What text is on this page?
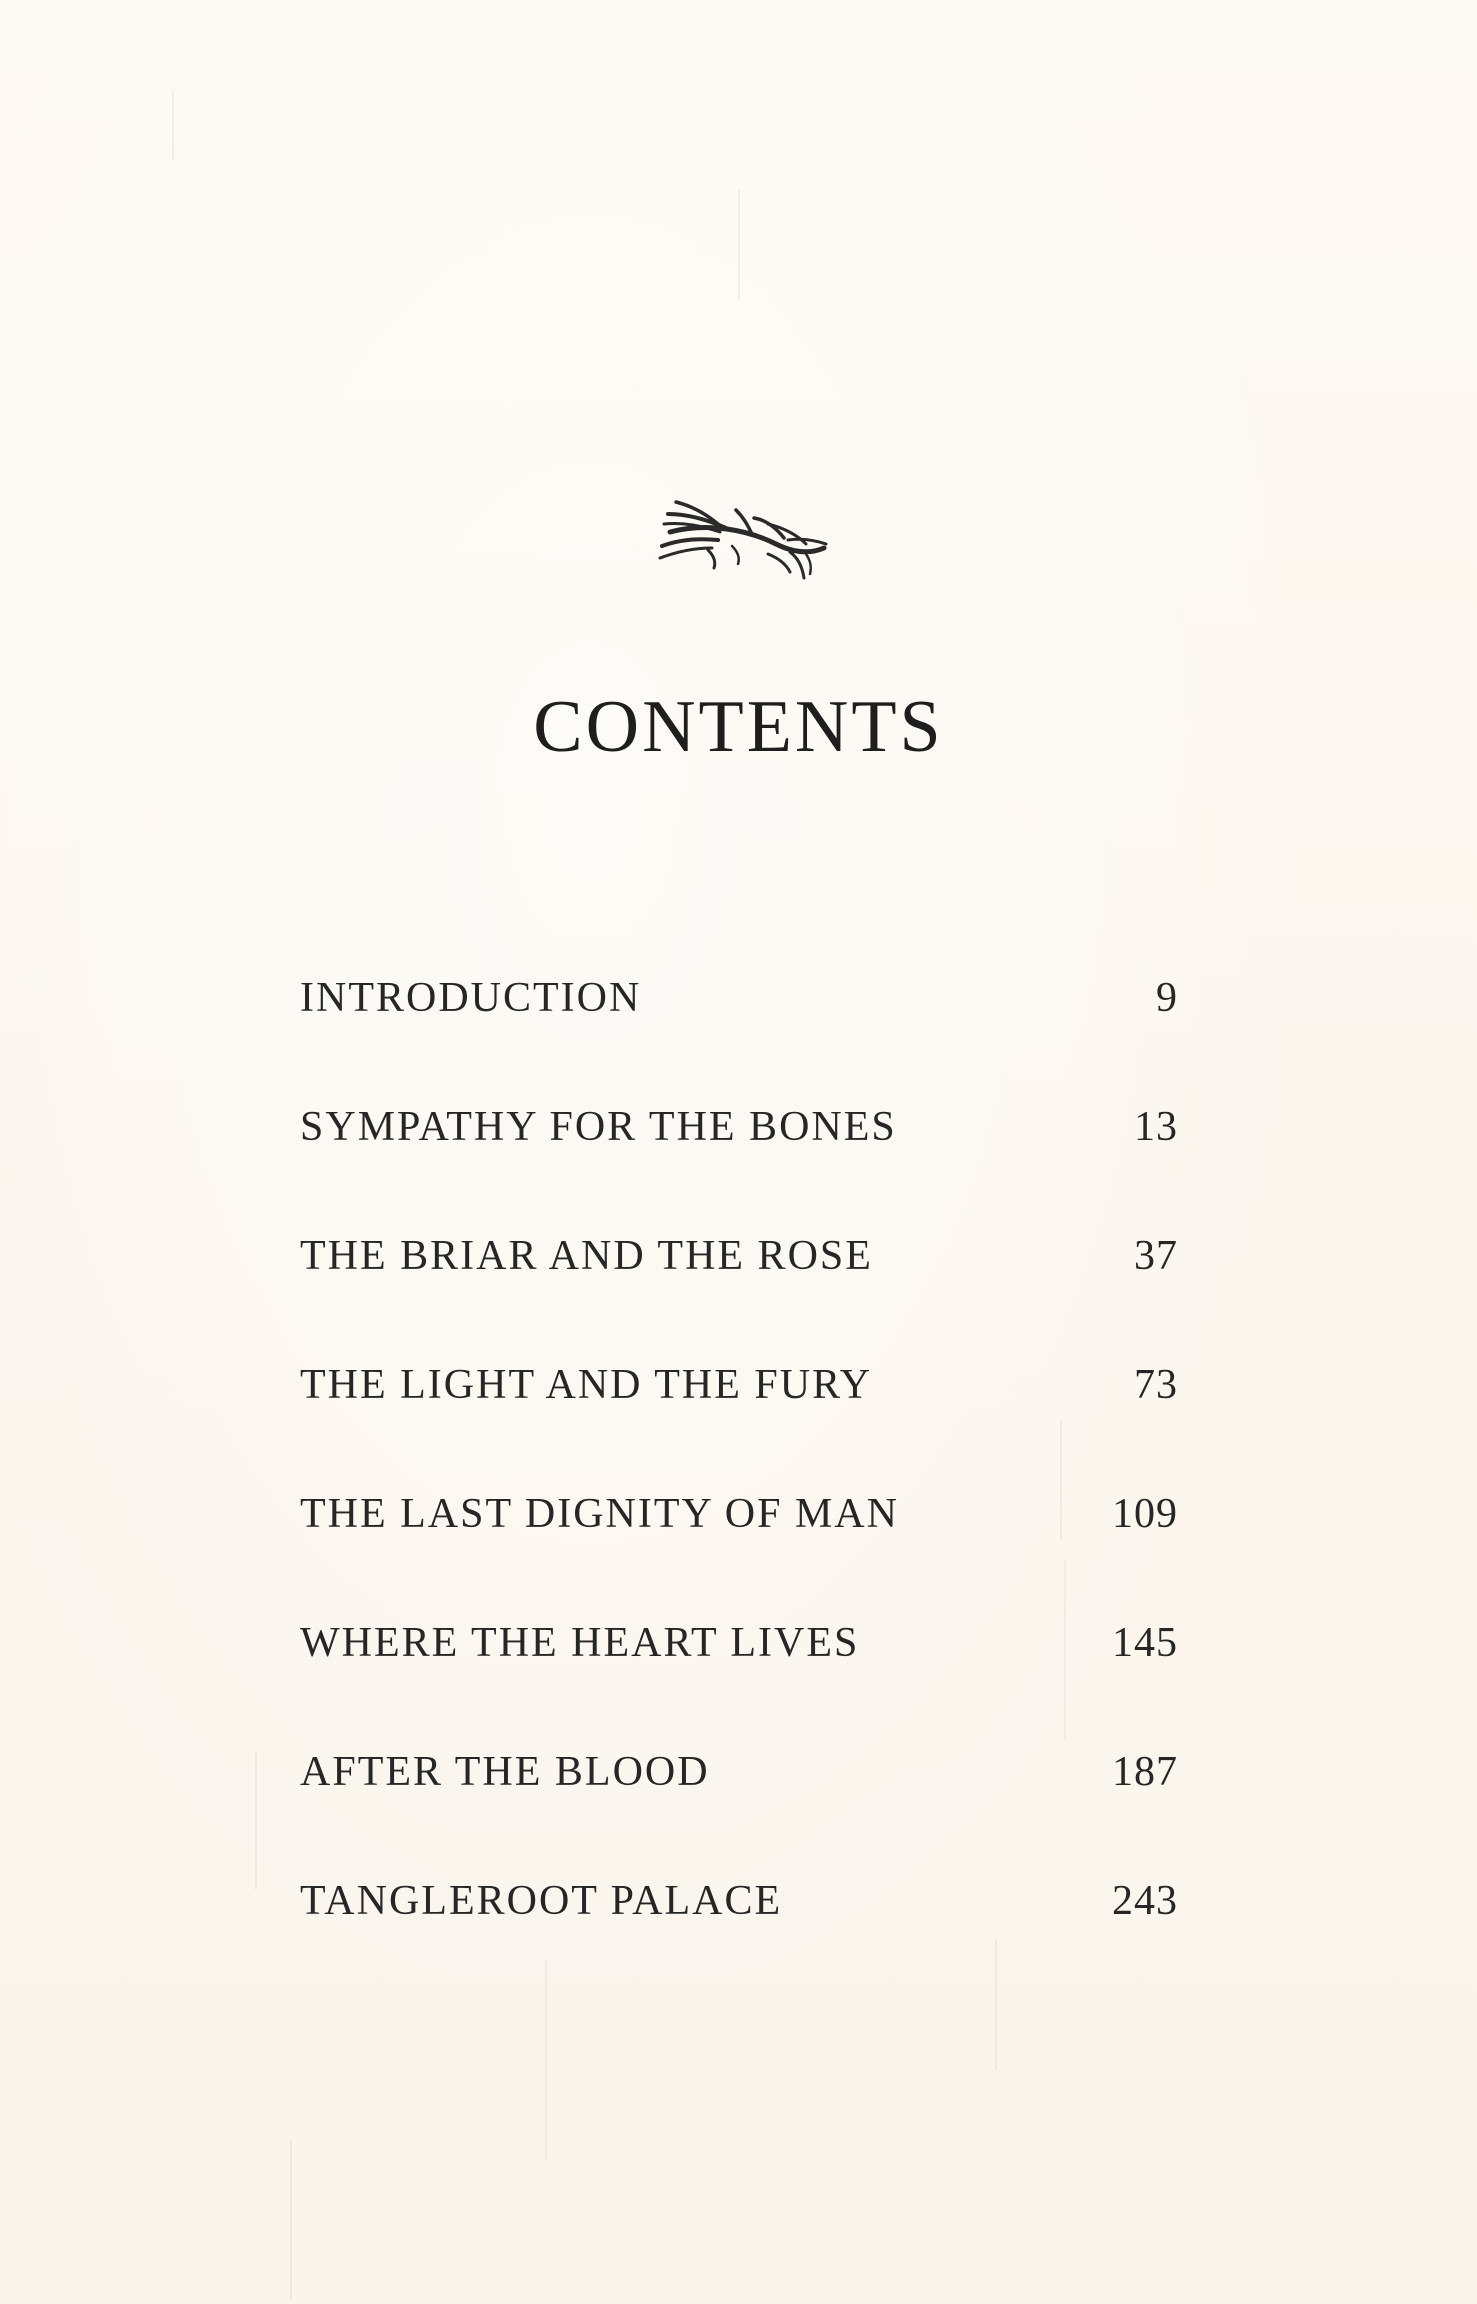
CONTENTS
INTRODUCTION	9
SYMPATHY FOR THE BONES	13
THE BRIAR AND THE ROSE	37
THE LIGHT AND THE FURY	73
THE LAST DIGNITY OF MAN	109
WHERE THE HEART LIVES	145
AFTER THE BLOOD	187
TANGLEROOT PALACE	243
